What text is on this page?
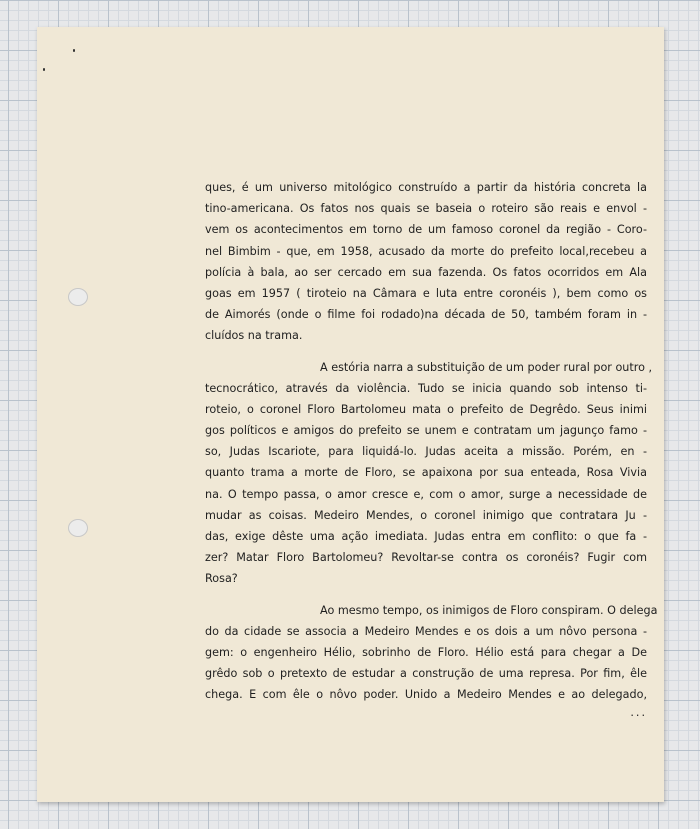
ques, é um universo mitológico construído a partir da história concreta la
tino-americana. Os fatos nos quais se baseia o roteiro são reais e envol -
vem os acontecimentos em torno de um famoso coronel da região - Coro-
nel Bimbim - que, em 1958, acusado da morte do prefeito local,recebeu a
polícia à bala, ao ser cercado em sua fazenda. Os fatos ocorridos em Ala
goas em 1957 ( tiroteio na Câmara e luta entre coronéis ), bem como os
de Aimorés (onde o filme foi rodado)na década de 50, também foram in -
cluídos na trama.
A estória narra a substituição de um poder rural por outro ,
tecnocrático, através da violência. Tudo se inicia quando sob intenso ti-
roteio, o coronel Floro Bartolomeu mata o prefeito de Degrêdo. Seus inimi
gos políticos e amigos do prefeito se unem e contratam um jagunço famo -
so, Judas Iscariote, para liquidá-lo. Judas aceita a missão. Porém, en -
quanto trama a morte de Floro, se apaixona por sua enteada, Rosa Vivia
na. O tempo passa, o amor cresce e, com o amor, surge a necessidade de
mudar as coisas. Medeiro Mendes, o coronel inimigo que contratara Ju -
das, exige dêste uma ação imediata. Judas entra em conflito: o que fa -
zer? Matar Floro Bartolomeu? Revoltar-se contra os coronéis? Fugir com
Rosa?
Ao mesmo tempo, os inimigos de Floro conspiram. O delega
do da cidade se associa a Medeiro Mendes e os dois a um nôvo persona -
gem: o engenheiro Hélio, sobrinho de Floro. Hélio está para chegar a De
grêdo sob o pretexto de estudar a construção de uma represa. Por fim, êle
chega. E com êle o nôvo poder. Unido a Medeiro Mendes e ao delegado,
...
